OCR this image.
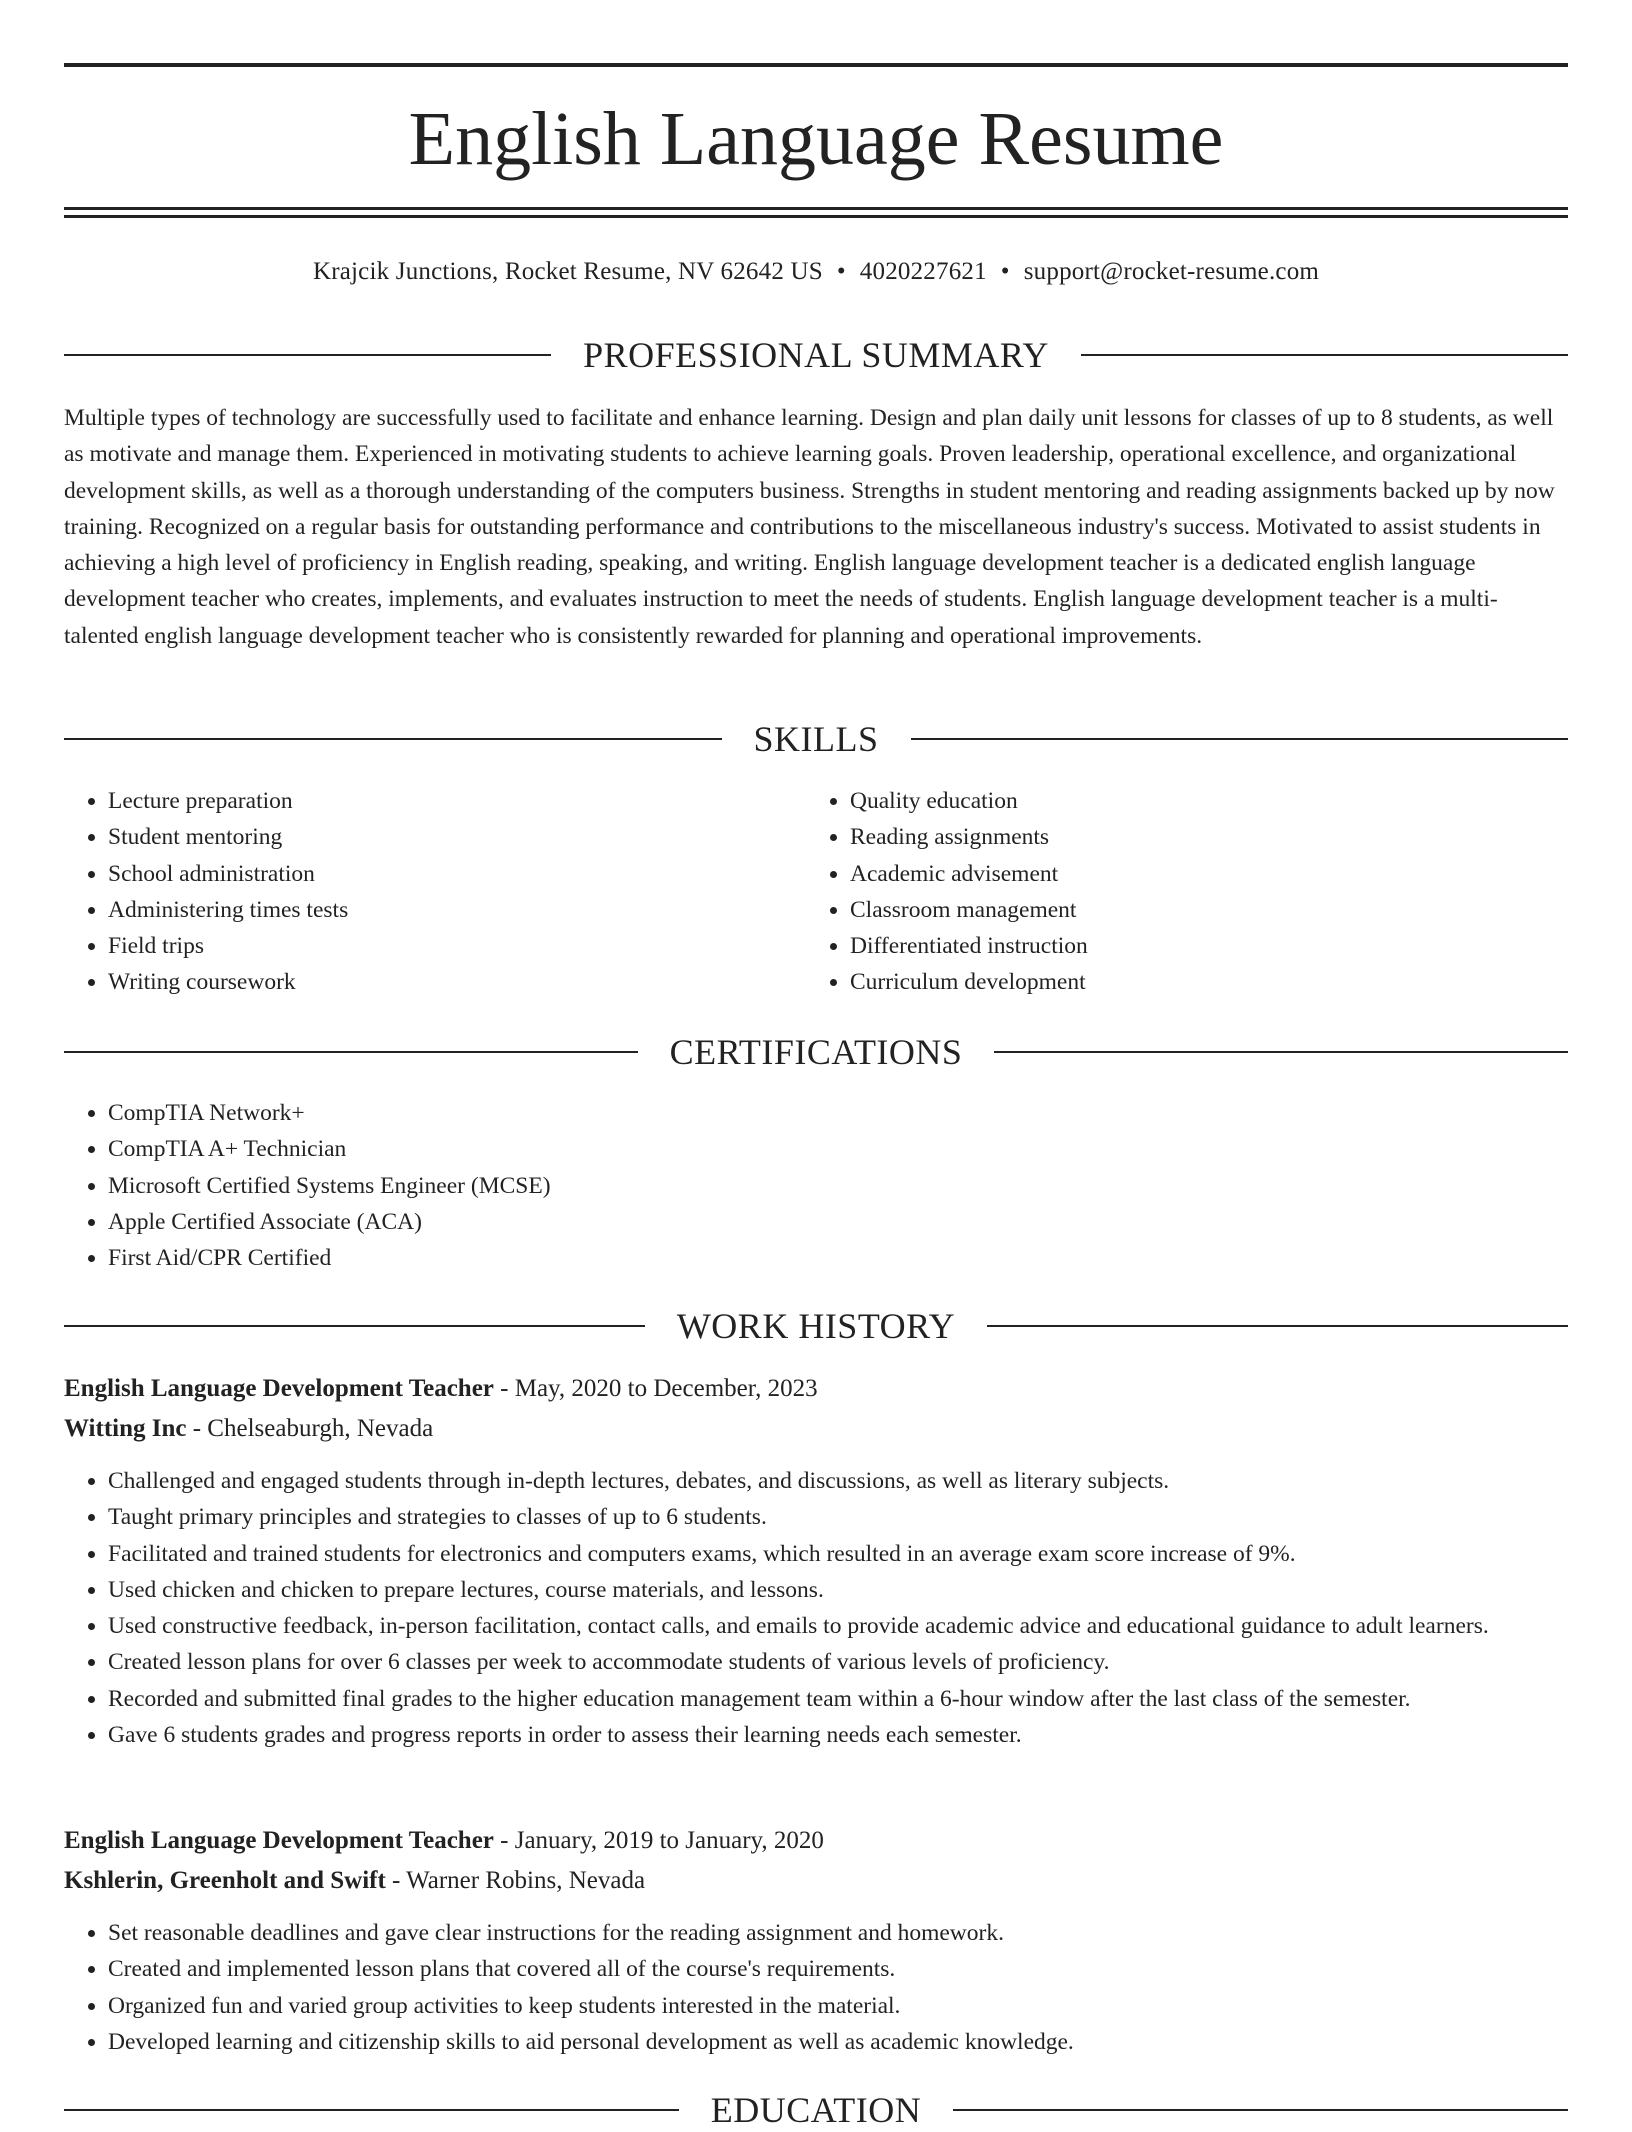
English Language Resume
Krajcik Junctions, Rocket Resume, NV 62642 US • 4020227621 • support@rocket-resume.com
PROFESSIONAL SUMMARY

Multiple types of technology are successfully used to facilitate and enhance learning. Design and plan daily unit lessons for classes of up to 8 students, as well as motivate and manage them. Experienced in motivating students to achieve learning goals. Proven leadership, operational excellence, and organizational development skills, as well as a thorough understanding of the computers business. Strengths in student mentoring and reading assignments backed up by now training. Recognized on a regular basis for outstanding performance and contributions to the miscellaneous industry's success. Motivated to assist students in achieving a high level of proficiency in English reading, speaking, and writing. English language development teacher is a dedicated english language development teacher who creates, implements, and evaluates instruction to meet the needs of students. English language development teacher is a multi-talented english language development teacher who is consistently rewarded for planning and operational improvements.

SKILLS
• Lecture preparation
• Student mentoring
• School administration
• Administering times tests
• Field trips
• Writing coursework
• Quality education
• Reading assignments
• Academic advisement
• Classroom management
• Differentiated instruction
• Curriculum development
CERTIFICATIONS
• CompTIA Network+
• CompTIA A+ Technician
• Microsoft Certified Systems Engineer (MCSE)
• Apple Certified Associate (ACA)
• First Aid/CPR Certified
WORK HISTORY
English Language Development Teacher - May, 2020 to December, 2023
Witting Inc - Chelseaburgh, Nevada
• Challenged and engaged students through in-depth lectures, debates, and discussions, as well as literary subjects.
• Taught primary principles and strategies to classes of up to 6 students.
• Facilitated and trained students for electronics and computers exams, which resulted in an average exam score increase of 9%.
• Used chicken and chicken to prepare lectures, course materials, and lessons.
• Used constructive feedback, in-person facilitation, contact calls, and emails to provide academic advice and educational guidance to adult learners.
• Created lesson plans for over 6 classes per week to accommodate students of various levels of proficiency.
• Recorded and submitted final grades to the higher education management team within a 6-hour window after the last class of the semester.
• Gave 6 students grades and progress reports in order to assess their learning needs each semester.
English Language Development Teacher - January, 2019 to January, 2020
Kshlerin, Greenholt and Swift - Warner Robins, Nevada
• Set reasonable deadlines and gave clear instructions for the reading assignment and homework.
• Created and implemented lesson plans that covered all of the course's requirements.
• Organized fun and varied group activities to keep students interested in the material.
• Developed learning and citizenship skills to aid personal development as well as academic knowledge.
EDUCATION
